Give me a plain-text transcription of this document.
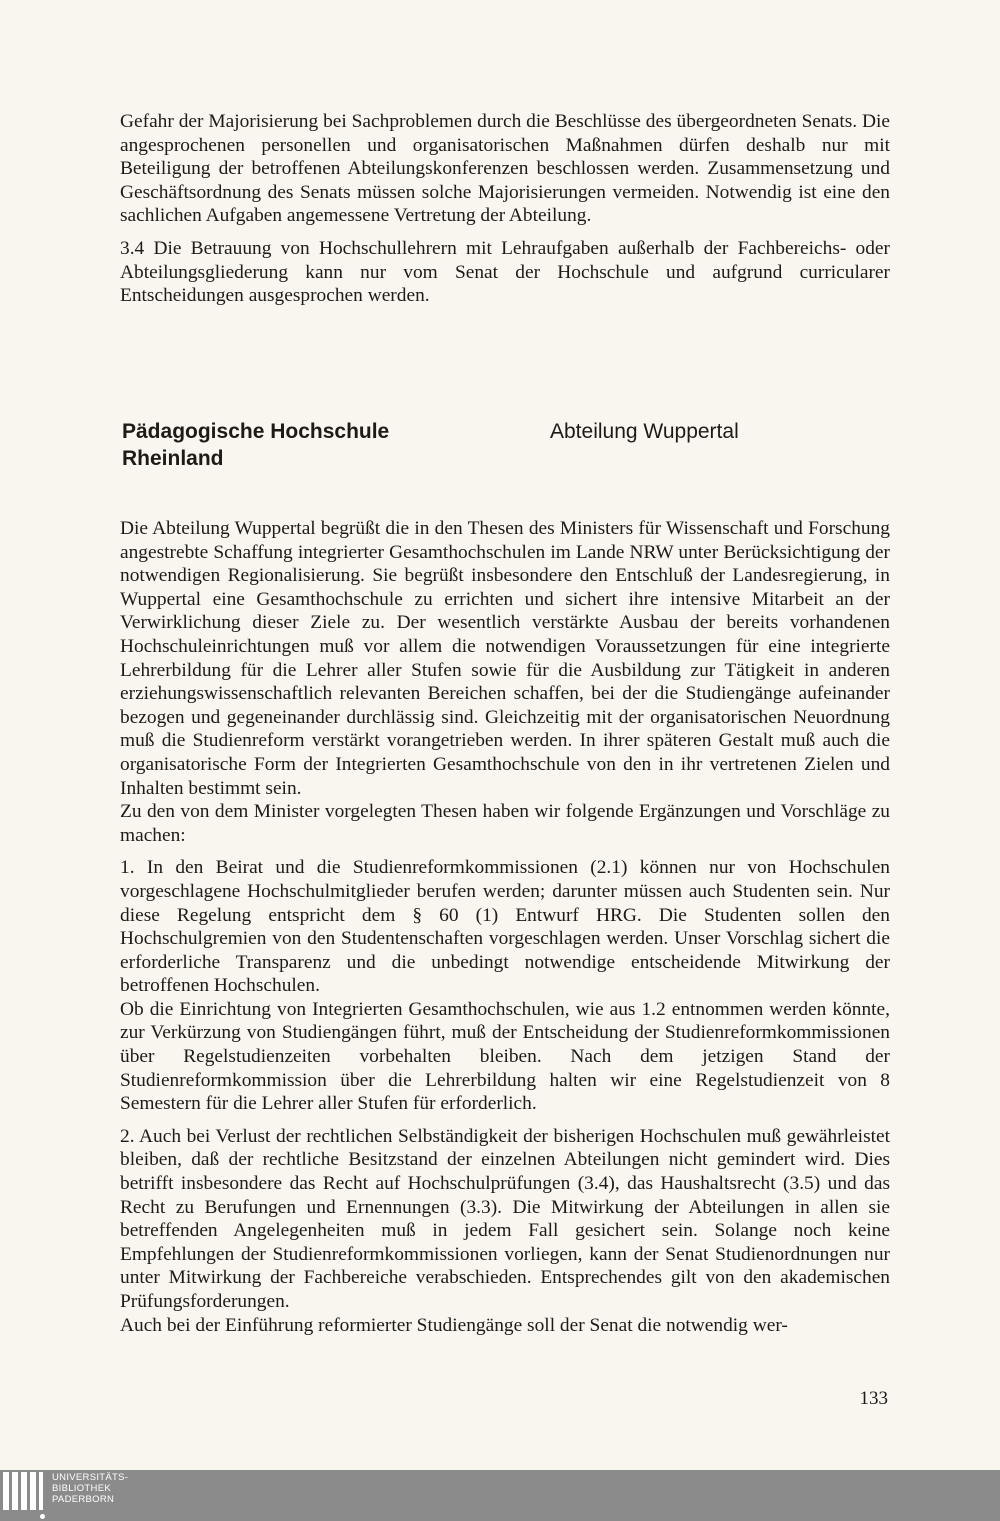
Gefahr der Majorisierung bei Sachproblemen durch die Beschlüsse des übergeordneten Senats. Die angesprochenen personellen und organisatorischen Maßnahmen dürfen deshalb nur mit Beteiligung der betroffenen Abteilungskonferenzen beschlossen werden. Zusammensetzung und Geschäftsordnung des Senats müssen solche Majorisierungen vermeiden. Notwendig ist eine den sachlichen Aufgaben angemessene Vertretung der Abteilung.

3.4 Die Betrauung von Hochschullehrern mit Lehraufgaben außerhalb der Fachbereichs- oder Abteilungsgliederung kann nur vom Senat der Hochschule und aufgrund curricularer Entscheidungen ausgesprochen werden.

Pädagogische Hochschule
Rheinland
Abteilung Wuppertal

Die Abteilung Wuppertal begrüßt die in den Thesen des Ministers für Wissenschaft und Forschung angestrebte Schaffung integrierter Gesamthochschulen im Lande NRW unter Berücksichtigung der notwendigen Regionalisierung. Sie begrüßt insbesondere den Entschluß der Landesregierung, in Wuppertal eine Gesamthochschule zu errichten und sichert ihre intensive Mitarbeit an der Verwirklichung dieser Ziele zu. Der wesentlich verstärkte Ausbau der bereits vorhandenen Hochschuleinrichtungen muß vor allem die notwendigen Voraussetzungen für eine integrierte Lehrerbildung für die Lehrer aller Stufen sowie für die Ausbildung zur Tätigkeit in anderen erziehungswissenschaftlich relevanten Bereichen schaffen, bei der die Studiengänge aufeinander bezogen und gegeneinander durchlässig sind. Gleichzeitig mit der organisatorischen Neuordnung muß die Studienreform verstärkt vorangetrieben werden. In ihrer späteren Gestalt muß auch die organisatorische Form der Integrierten Gesamthochschule von den in ihr vertretenen Zielen und Inhalten bestimmt sein.

Zu den von dem Minister vorgelegten Thesen haben wir folgende Ergänzungen und Vorschläge zu machen:

1. In den Beirat und die Studienreformkommissionen (2.1) können nur von Hochschulen vorgeschlagene Hochschulmitglieder berufen werden; darunter müssen auch Studenten sein. Nur diese Regelung entspricht dem § 60 (1) Entwurf HRG. Die Studenten sollen den Hochschulgremien von den Studentenschaften vorgeschlagen werden. Unser Vorschlag sichert die erforderliche Transparenz und die unbedingt notwendige entscheidende Mitwirkung der betroffenen Hochschulen.

Ob die Einrichtung von Integrierten Gesamthochschulen, wie aus 1.2 entnommen werden könnte, zur Verkürzung von Studiengängen führt, muß der Entscheidung der Studienreformkommissionen über Regelstudienzeiten vorbehalten bleiben. Nach dem jetzigen Stand der Studienreformkommission über die Lehrerbildung halten wir eine Regelstudienzeit von 8 Semestern für die Lehrer aller Stufen für erforderlich.

2. Auch bei Verlust der rechtlichen Selbständigkeit der bisherigen Hochschulen muß gewährleistet bleiben, daß der rechtliche Besitzstand der einzelnen Abteilungen nicht gemindert wird. Dies betrifft insbesondere das Recht auf Hochschulprüfungen (3.4), das Haushaltsrecht (3.5) und das Recht zu Berufungen und Ernennungen (3.3). Die Mitwirkung der Abteilungen in allen sie betreffenden Angelegenheiten muß in jedem Fall gesichert sein. Solange noch keine Empfehlungen der Studienreformkommissionen vorliegen, kann der Senat Studienordnungen nur unter Mitwirkung der Fachbereiche verabschieden. Entsprechendes gilt von den akademischen Prüfungsforderungen.

Auch bei der Einführung reformierter Studiengänge soll der Senat die notwendig wer-

133
UNIVERSITÄTS-
BIBLIOTHEK
PADERBORN
